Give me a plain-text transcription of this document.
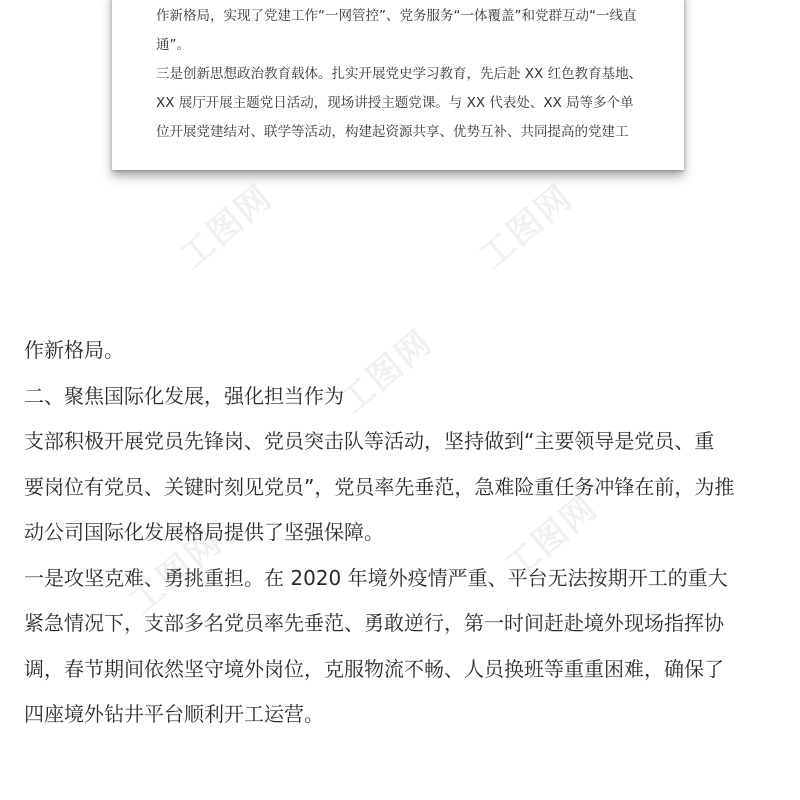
作新格局，实现了党建工作“一网管控”、党务服务“一体覆盖”和党群互动“一线直

通”。

三是创新思想政治教育载体。扎实开展党史学习教育，先后赴 XX 红色教育基地、

XX 展厅开展主题党日活动，现场讲授主题党课。与 XX 代表处、XX 局等多个单

位开展党建结对、联学等活动，构建起资源共享、优势互补、共同提高的党建工

工图网	工图网
工图网
工图网	工图网

作新格局。

二、聚焦国际化发展，强化担当作为

支部积极开展党员先锋岗、党员突击队等活动，坚持做到“主要领导是党员、重

要岗位有党员、关键时刻见党员”，党员率先垂范，急难险重任务冲锋在前，为推

动公司国际化发展格局提供了坚强保障。

一是攻坚克难、勇挑重担。在 2020 年境外疫情严重、平台无法按期开工的重大

紧急情况下，支部多名党员率先垂范、勇敢逆行，第一时间赶赴境外现场指挥协

调，春节期间依然坚守境外岗位，克服物流不畅、人员换班等重重困难，确保了

四座境外钻井平台顺利开工运营。
